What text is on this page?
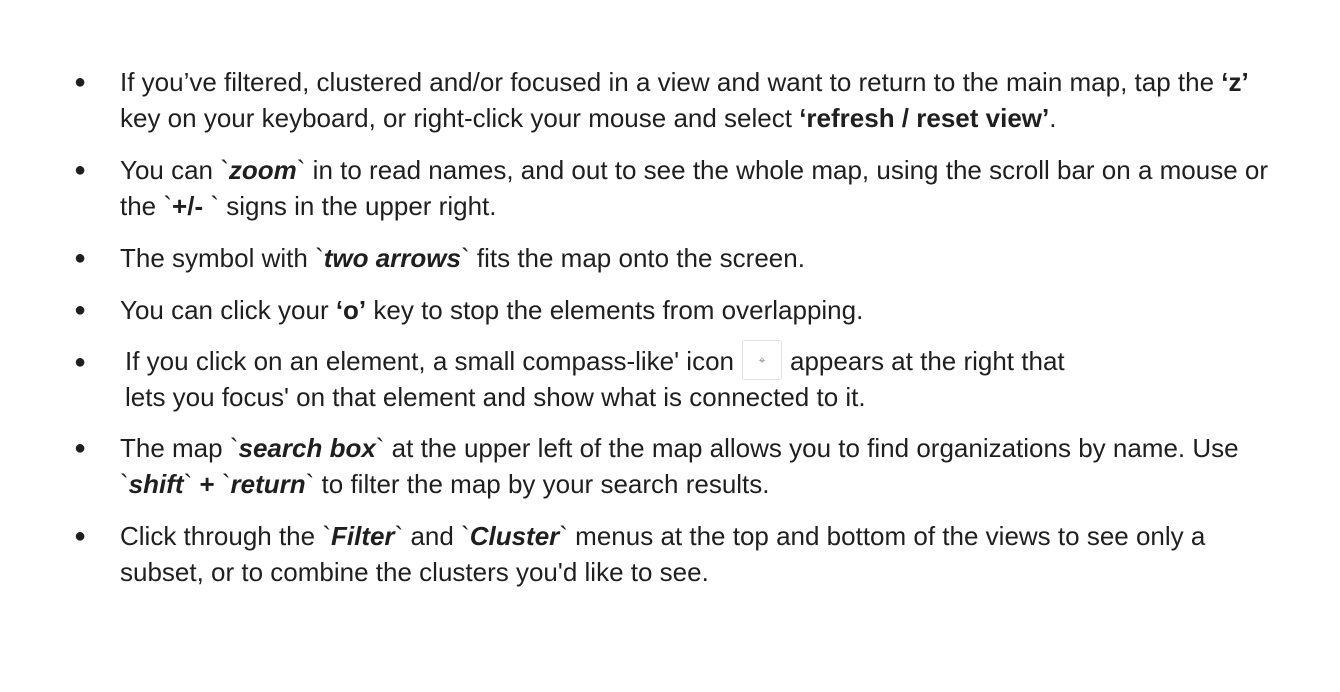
● If you’ve filtered, clustered and/or focused in a view and want to return to the main map, tap the ‘z’ key on your keyboard, or right-click your mouse and select ‘refresh / reset view’.
● You can `zoom` in to read names, and out to see the whole map, using the scroll bar on a mouse or the `+/- ` signs in the upper right.
● The symbol with `two arrows` fits the map onto the screen.
● You can click your ‘o’ key to stop the elements from overlapping.
● If you click on an element, a small compass-like' icon	⌖ appears at the right that
lets you focus' on that element and show what is connected to it.
● The map `search box` at the upper left of the map allows you to find organizations by name. Use `shift` + `return` to filter the map by your search results.
● Click through the `Filter` and `Cluster` menus at the top and bottom of the views to see only a subset, or to combine the clusters you'd like to see.
